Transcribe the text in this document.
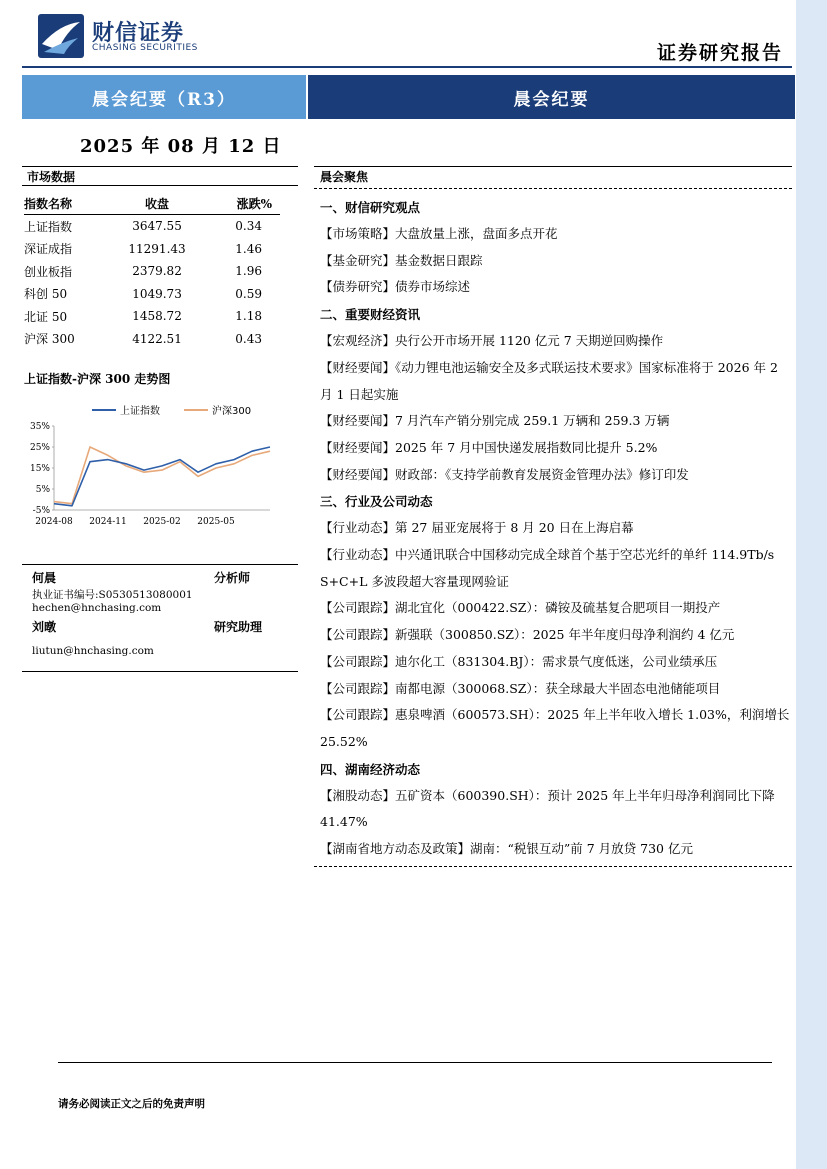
财信证券
CHASING SECURITIES	证券研究报告
晨会纪要（R3）	晨会纪要
2025 年 08 月 12 日
市场数据
指数名称	收盘	涨跌%
上证指数	3647.55	0.34
深证成指	11291.43	1.46
创业板指	2379.82	1.96
科创 50	1049.73	0.59
北证 50	1458.72	1.18
沪深 300	4122.51	0.43
上证指数-沪深 300 走势图
35%
25%
15%
5%
-5%
2024-08 2024-11 2025-02 2025-05
上证指数	沪深300
何晨	分析师
执业证书编号:S0530513080001
hechen@hnchasing.com
刘暾	研究助理
liutun@hnchasing.com
晨会聚焦
一、财信研究观点
【市场策略】大盘放量上涨，盘面多点开花
【基金研究】基金数据日跟踪
【债券研究】债券市场综述
二、重要财经资讯
【宏观经济】央行公开市场开展 1120 亿元 7 天期逆回购操作
【财经要闻】《动力锂电池运输安全及多式联运技术要求》国家标准将于 2026 年 2 月 1 日起实施
【财经要闻】7 月汽车产销分别完成 259.1 万辆和 259.3 万辆
【财经要闻】2025 年 7 月中国快递发展指数同比提升 5.2%
【财经要闻】财政部：《支持学前教育发展资金管理办法》修订印发
三、行业及公司动态
【行业动态】第 27 届亚宠展将于 8 月 20 日在上海启幕
【行业动态】中兴通讯联合中国移动完成全球首个基于空芯光纤的单纤 114.9Tb/s S+C+L 多波段超大容量现网验证
【公司跟踪】湖北宜化（000422.SZ）：磷铵及硫基复合肥项目一期投产
【公司跟踪】新强联（300850.SZ）：2025 年半年度归母净利润约 4 亿元
【公司跟踪】迪尔化工（831304.BJ）：需求景气度低迷，公司业绩承压
【公司跟踪】南都电源（300068.SZ）：获全球最大半固态电池储能项目
【公司跟踪】惠泉啤酒（600573.SH）：2025 年上半年收入增长 1.03%，利润增长 25.52%
四、湖南经济动态
【湘股动态】五矿资本（600390.SH）：预计 2025 年上半年归母净利润同比下降 41.47%
【湖南省地方动态及政策】湖南：“税银互动”前 7 月放贷 730 亿元
请务必阅读正文之后的免责声明
